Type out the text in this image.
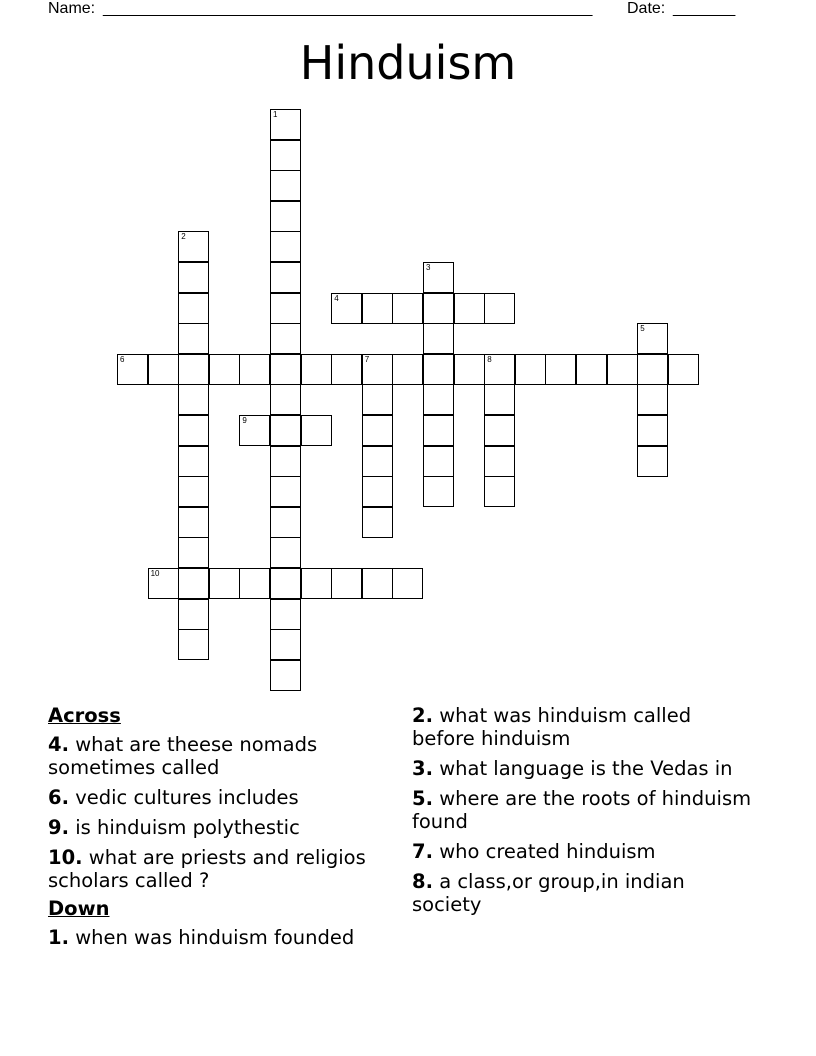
Name: _______________________________________________________ Date: _______
Hinduism
1
2
3
4
5
6	7	8
9
10
Across
4. what are theese nomads sometimes called
6. vedic cultures includes
9. is hinduism polythestic
10. what are priests and religios scholars called ?
Down
1. when was hinduism founded
2. what was hinduism called before hinduism
3. what language is the Vedas in
5. where are the roots of hinduism found
7. who created hinduism
8. a class,or group,in indian society
